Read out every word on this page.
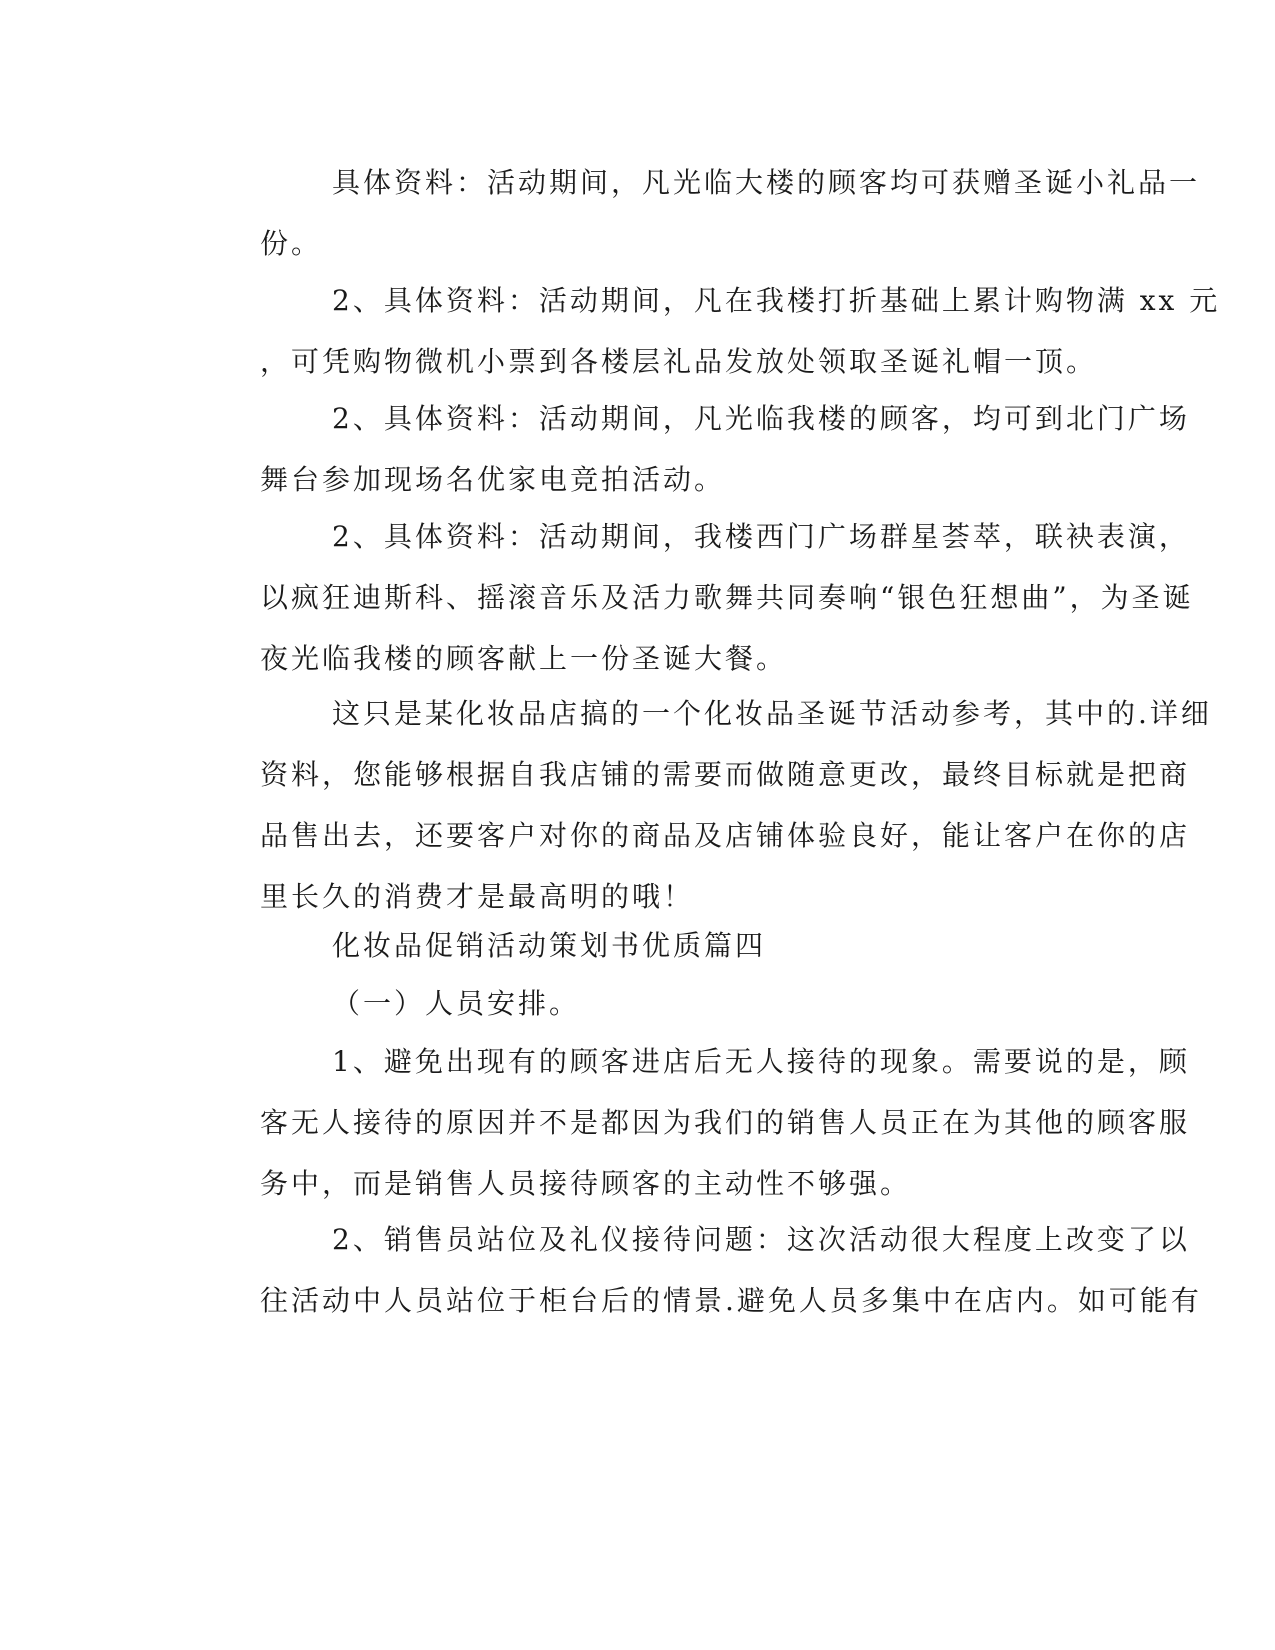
具体资料：活动期间，凡光临大楼的顾客均可获赠圣诞小礼品一
份。
2、具体资料：活动期间，凡在我楼打折基础上累计购物满 xx 元
，可凭购物微机小票到各楼层礼品发放处领取圣诞礼帽一顶。
2、具体资料：活动期间，凡光临我楼的顾客，均可到北门广场
舞台参加现场名优家电竞拍活动。
2、具体资料：活动期间，我楼西门广场群星荟萃，联袂表演，
以疯狂迪斯科、摇滚音乐及活力歌舞共同奏响“银色狂想曲”，为圣诞
夜光临我楼的顾客献上一份圣诞大餐。
这只是某化妆品店搞的一个化妆品圣诞节活动参考，其中的.详细
资料，您能够根据自我店铺的需要而做随意更改，最终目标就是把商
品售出去，还要客户对你的商品及店铺体验良好，能让客户在你的店
里长久的消费才是最高明的哦！
化妆品促销活动策划书优质篇四
（一）人员安排。
1、避免出现有的顾客进店后无人接待的现象。需要说的是，顾
客无人接待的原因并不是都因为我们的销售人员正在为其他的顾客服
务中，而是销售人员接待顾客的主动性不够强。
2、销售员站位及礼仪接待问题：这次活动很大程度上改变了以
往活动中人员站位于柜台后的情景.避免人员多集中在店内。如可能有
